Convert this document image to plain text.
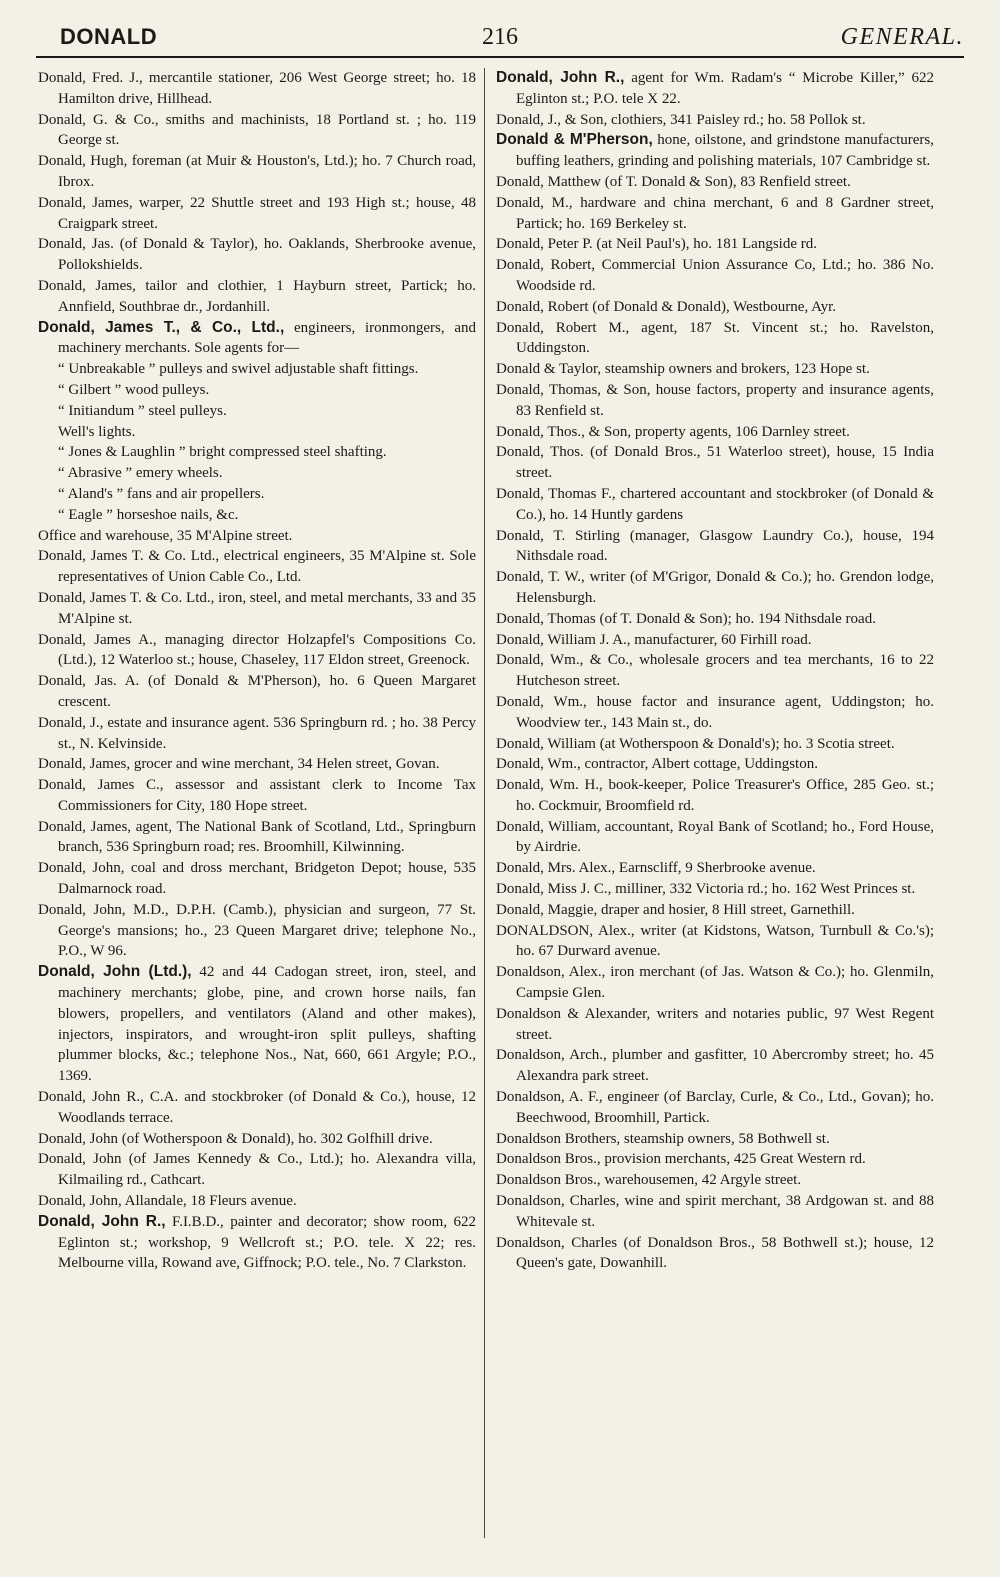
DONALD	216	GENERAL.

Donald, Fred. J., mercantile stationer, 206 West George street; ho. 18 Hamilton drive, Hillhead.

Donald, G. & Co., smiths and machinists, 18 Portland st. ; ho. 119 George st.

Donald, Hugh, foreman (at Muir & Houston's, Ltd.); ho. 7 Church road, Ibrox.

Donald, James, warper, 22 Shuttle street and 193 High st.; house, 48 Craigpark street.

Donald, Jas. (of Donald & Taylor), ho. Oaklands, Sherbrooke avenue, Pollokshields.

Donald, James, tailor and clothier, 1 Hayburn street, Partick; ho. Annfield, Southbrae dr., Jordanhill.

Donald, James T., & Co., Ltd., engineers, ironmongers, and machinery merchants. Sole agents for—

“ Unbreakable ” pulleys and swivel adjustable shaft fittings.

“ Gilbert ” wood pulleys.

“ Initiandum ” steel pulleys.

Well's lights.

“ Jones & Laughlin ” bright compressed steel shafting.

“ Abrasive ” emery wheels.

“ Aland's ” fans and air propellers.

“ Eagle ” horseshoe nails, &c.

Office and warehouse, 35 M'Alpine street.

Donald, James T. & Co. Ltd., electrical engineers, 35 M'Alpine st. Sole representatives of Union Cable Co., Ltd.

Donald, James T. & Co. Ltd., iron, steel, and metal merchants, 33 and 35 M'Alpine st.

Donald, James A., managing director Holzapfel's Compositions Co. (Ltd.), 12 Waterloo st.; house, Chaseley, 117 Eldon street, Greenock.

Donald, Jas. A. (of Donald & M'Pherson), ho. 6 Queen Margaret crescent.

Donald, J., estate and insurance agent. 536 Springburn rd. ; ho. 38 Percy st., N. Kelvinside.

Donald, James, grocer and wine merchant, 34 Helen street, Govan.

Donald, James C., assessor and assistant clerk to Income Tax Commissioners for City, 180 Hope street.

Donald, James, agent, The National Bank of Scotland, Ltd., Springburn branch, 536 Springburn road; res. Broomhill, Kilwinning.

Donald, John, coal and dross merchant, Bridgeton Depot; house, 535 Dalmarnock road.

Donald, John, M.D., D.P.H. (Camb.), physician and surgeon, 77 St. George's mansions; ho., 23 Queen Margaret drive; telephone No., P.O., W 96.

Donald, John (Ltd.), 42 and 44 Cadogan street, iron, steel, and machinery merchants; globe, pine, and crown horse nails, fan blowers, propellers, and ventilators (Aland and other makes), injectors, inspirators, and wrought-iron split pulleys, shafting plummer blocks, &c.; telephone Nos., Nat, 660, 661 Argyle; P.O., 1369.

Donald, John R., C.A. and stockbroker (of Donald & Co.), house, 12 Woodlands terrace.

Donald, John (of Wotherspoon & Donald), ho. 302 Golfhill drive.

Donald, John (of James Kennedy & Co., Ltd.); ho. Alexandra villa, Kilmailing rd., Cathcart.

Donald, John, Allandale, 18 Fleurs avenue.

Donald, John R., F.I.B.D., painter and decorator; show room, 622 Eglinton st.; workshop, 9 Wellcroft st.; P.O. tele. X 22; res. Melbourne villa, Rowand ave, Giffnock; P.O. tele., No. 7 Clarkston.

Donald, John R., agent for Wm. Radam's “ Microbe Killer,” 622 Eglinton st.; P.O. tele X 22.

Donald, J., & Son, clothiers, 341 Paisley rd.; ho. 58 Pollok st.

Donald & M'Pherson, hone, oilstone, and grindstone manufacturers, buffing leathers, grinding and polishing materials, 107 Cambridge st.

Donald, Matthew (of T. Donald & Son), 83 Renfield street.

Donald, M., hardware and china merchant, 6 and 8 Gardner street, Partick; ho. 169 Berkeley st.

Donald, Peter P. (at Neil Paul's), ho. 181 Langside rd.

Donald, Robert, Commercial Union Assurance Co, Ltd.; ho. 386 No. Woodside rd.

Donald, Robert (of Donald & Donald), Westbourne, Ayr.

Donald, Robert M., agent, 187 St. Vincent st.; ho. Ravelston, Uddingston.

Donald & Taylor, steamship owners and brokers, 123 Hope st.

Donald, Thomas, & Son, house factors, property and insurance agents, 83 Renfield st.

Donald, Thos., & Son, property agents, 106 Darnley street.

Donald, Thos. (of Donald Bros., 51 Waterloo street), house, 15 India street.

Donald, Thomas F., chartered accountant and stockbroker (of Donald & Co.), ho. 14 Huntly gardens

Donald, T. Stirling (manager, Glasgow Laundry Co.), house, 194 Nithsdale road.

Donald, T. W., writer (of M'Grigor, Donald & Co.); ho. Grendon lodge, Helensburgh.

Donald, Thomas (of T. Donald & Son); ho. 194 Nithsdale road.

Donald, William J. A., manufacturer, 60 Firhill road.

Donald, Wm., & Co., wholesale grocers and tea merchants, 16 to 22 Hutcheson street.

Donald, Wm., house factor and insurance agent, Uddingston; ho. Woodview ter., 143 Main st., do.

Donald, William (at Wotherspoon & Donald's); ho. 3 Scotia street.

Donald, Wm., contractor, Albert cottage, Uddingston.

Donald, Wm. H., book-keeper, Police Treasurer's Office, 285 Geo. st.; ho. Cockmuir, Broomfield rd.

Donald, William, accountant, Royal Bank of Scotland; ho., Ford House, by Airdrie.

Donald, Mrs. Alex., Earnscliff, 9 Sherbrooke avenue.

Donald, Miss J. C., milliner, 332 Victoria rd.; ho. 162 West Princes st.

Donald, Maggie, draper and hosier, 8 Hill street, Garnethill.

DONALDSON, Alex., writer (at Kidstons, Watson, Turnbull & Co.'s); ho. 67 Durward avenue.

Donaldson, Alex., iron merchant (of Jas. Watson & Co.); ho. Glenmiln, Campsie Glen.

Donaldson & Alexander, writers and notaries public, 97 West Regent street.

Donaldson, Arch., plumber and gasfitter, 10 Abercromby street; ho. 45 Alexandra park street.

Donaldson, A. F., engineer (of Barclay, Curle, & Co., Ltd., Govan); ho. Beechwood, Broomhill, Partick.

Donaldson Brothers, steamship owners, 58 Bothwell st.

Donaldson Bros., provision merchants, 425 Great Western rd.

Donaldson Bros., warehousemen, 42 Argyle street.

Donaldson, Charles, wine and spirit merchant, 38 Ardgowan st. and 88 Whitevale st.

Donaldson, Charles (of Donaldson Bros., 58 Bothwell st.); house, 12 Queen's gate, Dowanhill.
